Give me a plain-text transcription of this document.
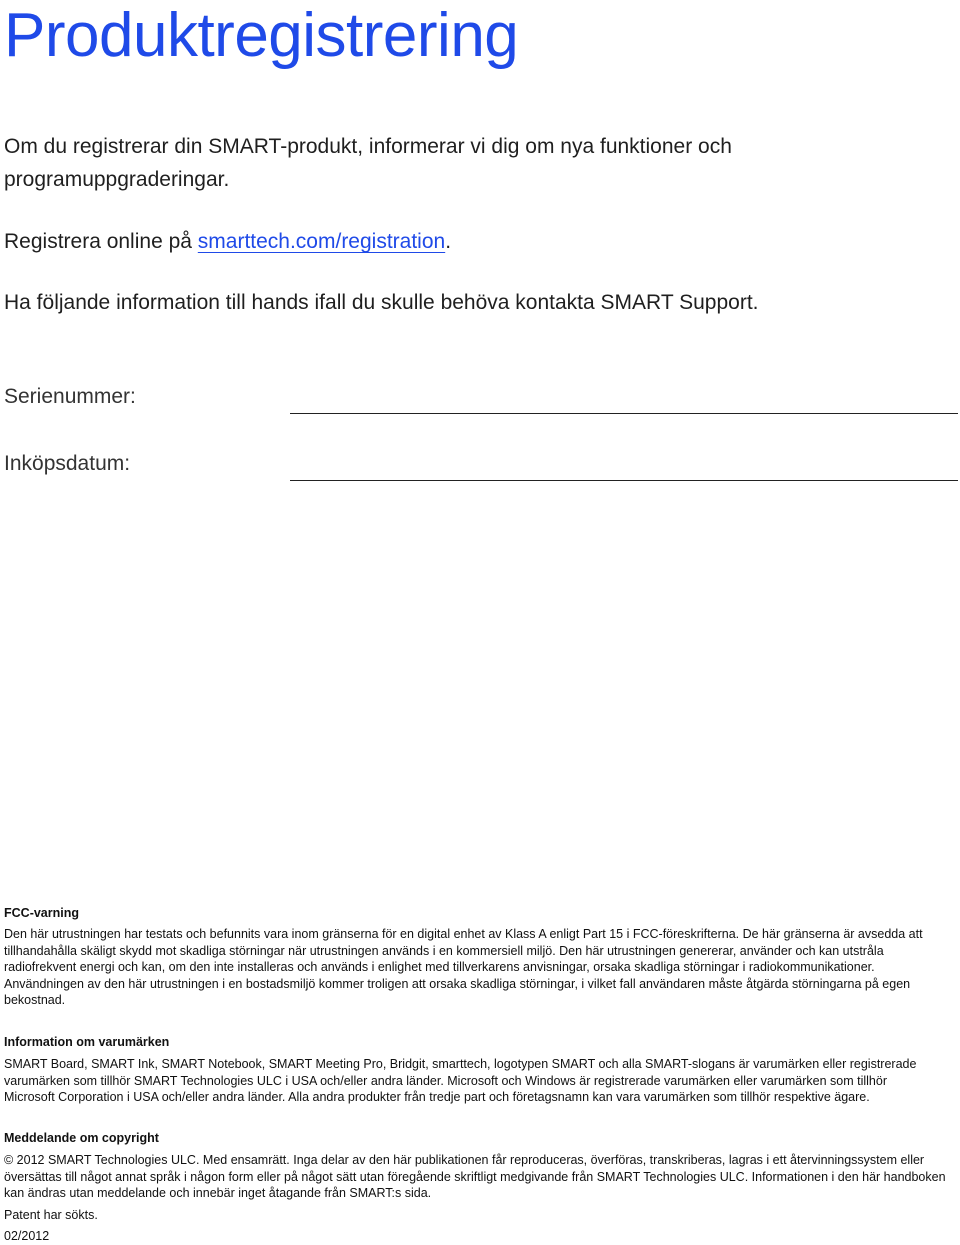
Produktregistrering
Om du registrerar din SMART-produkt, informerar vi dig om nya funktioner och
programuppgraderingar.
Registrera online på smarttech.com/registration.
Ha följande information till hands ifall du skulle behöva kontakta SMART Support.
Serienummer:
Inköpsdatum:
FCC-varning
Den här utrustningen har testats och befunnits vara inom gränserna för en digital enhet av Klass A enligt Part 15 i FCC-föreskrifterna. De här gränserna är avsedda att
tillhandahålla skäligt skydd mot skadliga störningar när utrustningen används i en kommersiell miljö. Den här utrustningen genererar, använder och kan utstråla
radiofrekvent energi och kan, om den inte installeras och används i enlighet med tillverkarens anvisningar, orsaka skadliga störningar i radiokommunikationer.
Användningen av den här utrustningen i en bostadsmiljö kommer troligen att orsaka skadliga störningar, i vilket fall användaren måste åtgärda störningarna på egen
bekostnad.
Information om varumärken
SMART Board, SMART Ink, SMART Notebook, SMART Meeting Pro, Bridgit, smarttech, logotypen SMART och alla SMART-slogans är varumärken eller registrerade
varumärken som tillhör SMART Technologies ULC i USA och/eller andra länder. Microsoft och Windows är registrerade varumärken eller varumärken som tillhör
Microsoft Corporation i USA och/eller andra länder. Alla andra produkter från tredje part och företagsnamn kan vara varumärken som tillhör respektive ägare.
Meddelande om copyright
© 2012 SMART Technologies ULC. Med ensamrätt. Inga delar av den här publikationen får reproduceras, överföras, transkriberas, lagras i ett återvinningssystem eller
översättas till något annat språk i någon form eller på något sätt utan föregående skriftligt medgivande från SMART Technologies ULC. Informationen i den här handboken
kan ändras utan meddelande och innebär inget åtagande från SMART:s sida.
Patent har sökts.
02/2012
